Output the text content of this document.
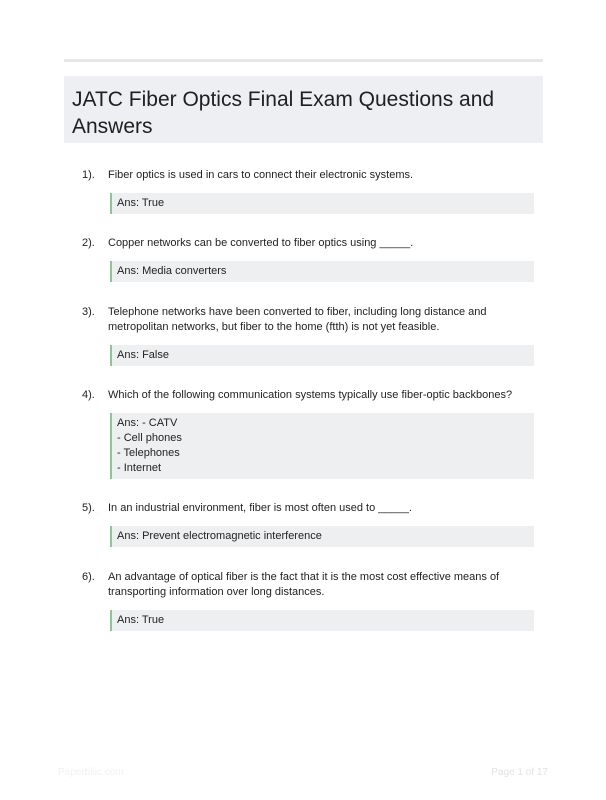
JATC Fiber Optics Final Exam Questions and Answers
1). Fiber optics is used in cars to connect their electronic systems.
Ans: True
2). Copper networks can be converted to fiber optics using _____.
Ans: Media converters
3). Telephone networks have been converted to fiber, including long distance and metropolitan networks, but fiber to the home (ftth) is not yet feasible.
Ans: False
4). Which of the following communication systems typically use fiber-optic backbones?
Ans: - CATV
- Cell phones
- Telephones
- Internet
5). In an industrial environment, fiber is most often used to _____.
Ans: Prevent electromagnetic interference
6). An advantage of optical fiber is the fact that it is the most cost effective means of transporting information over long distances.
Ans: True
Paperbliic.com	Page 1 of 17
